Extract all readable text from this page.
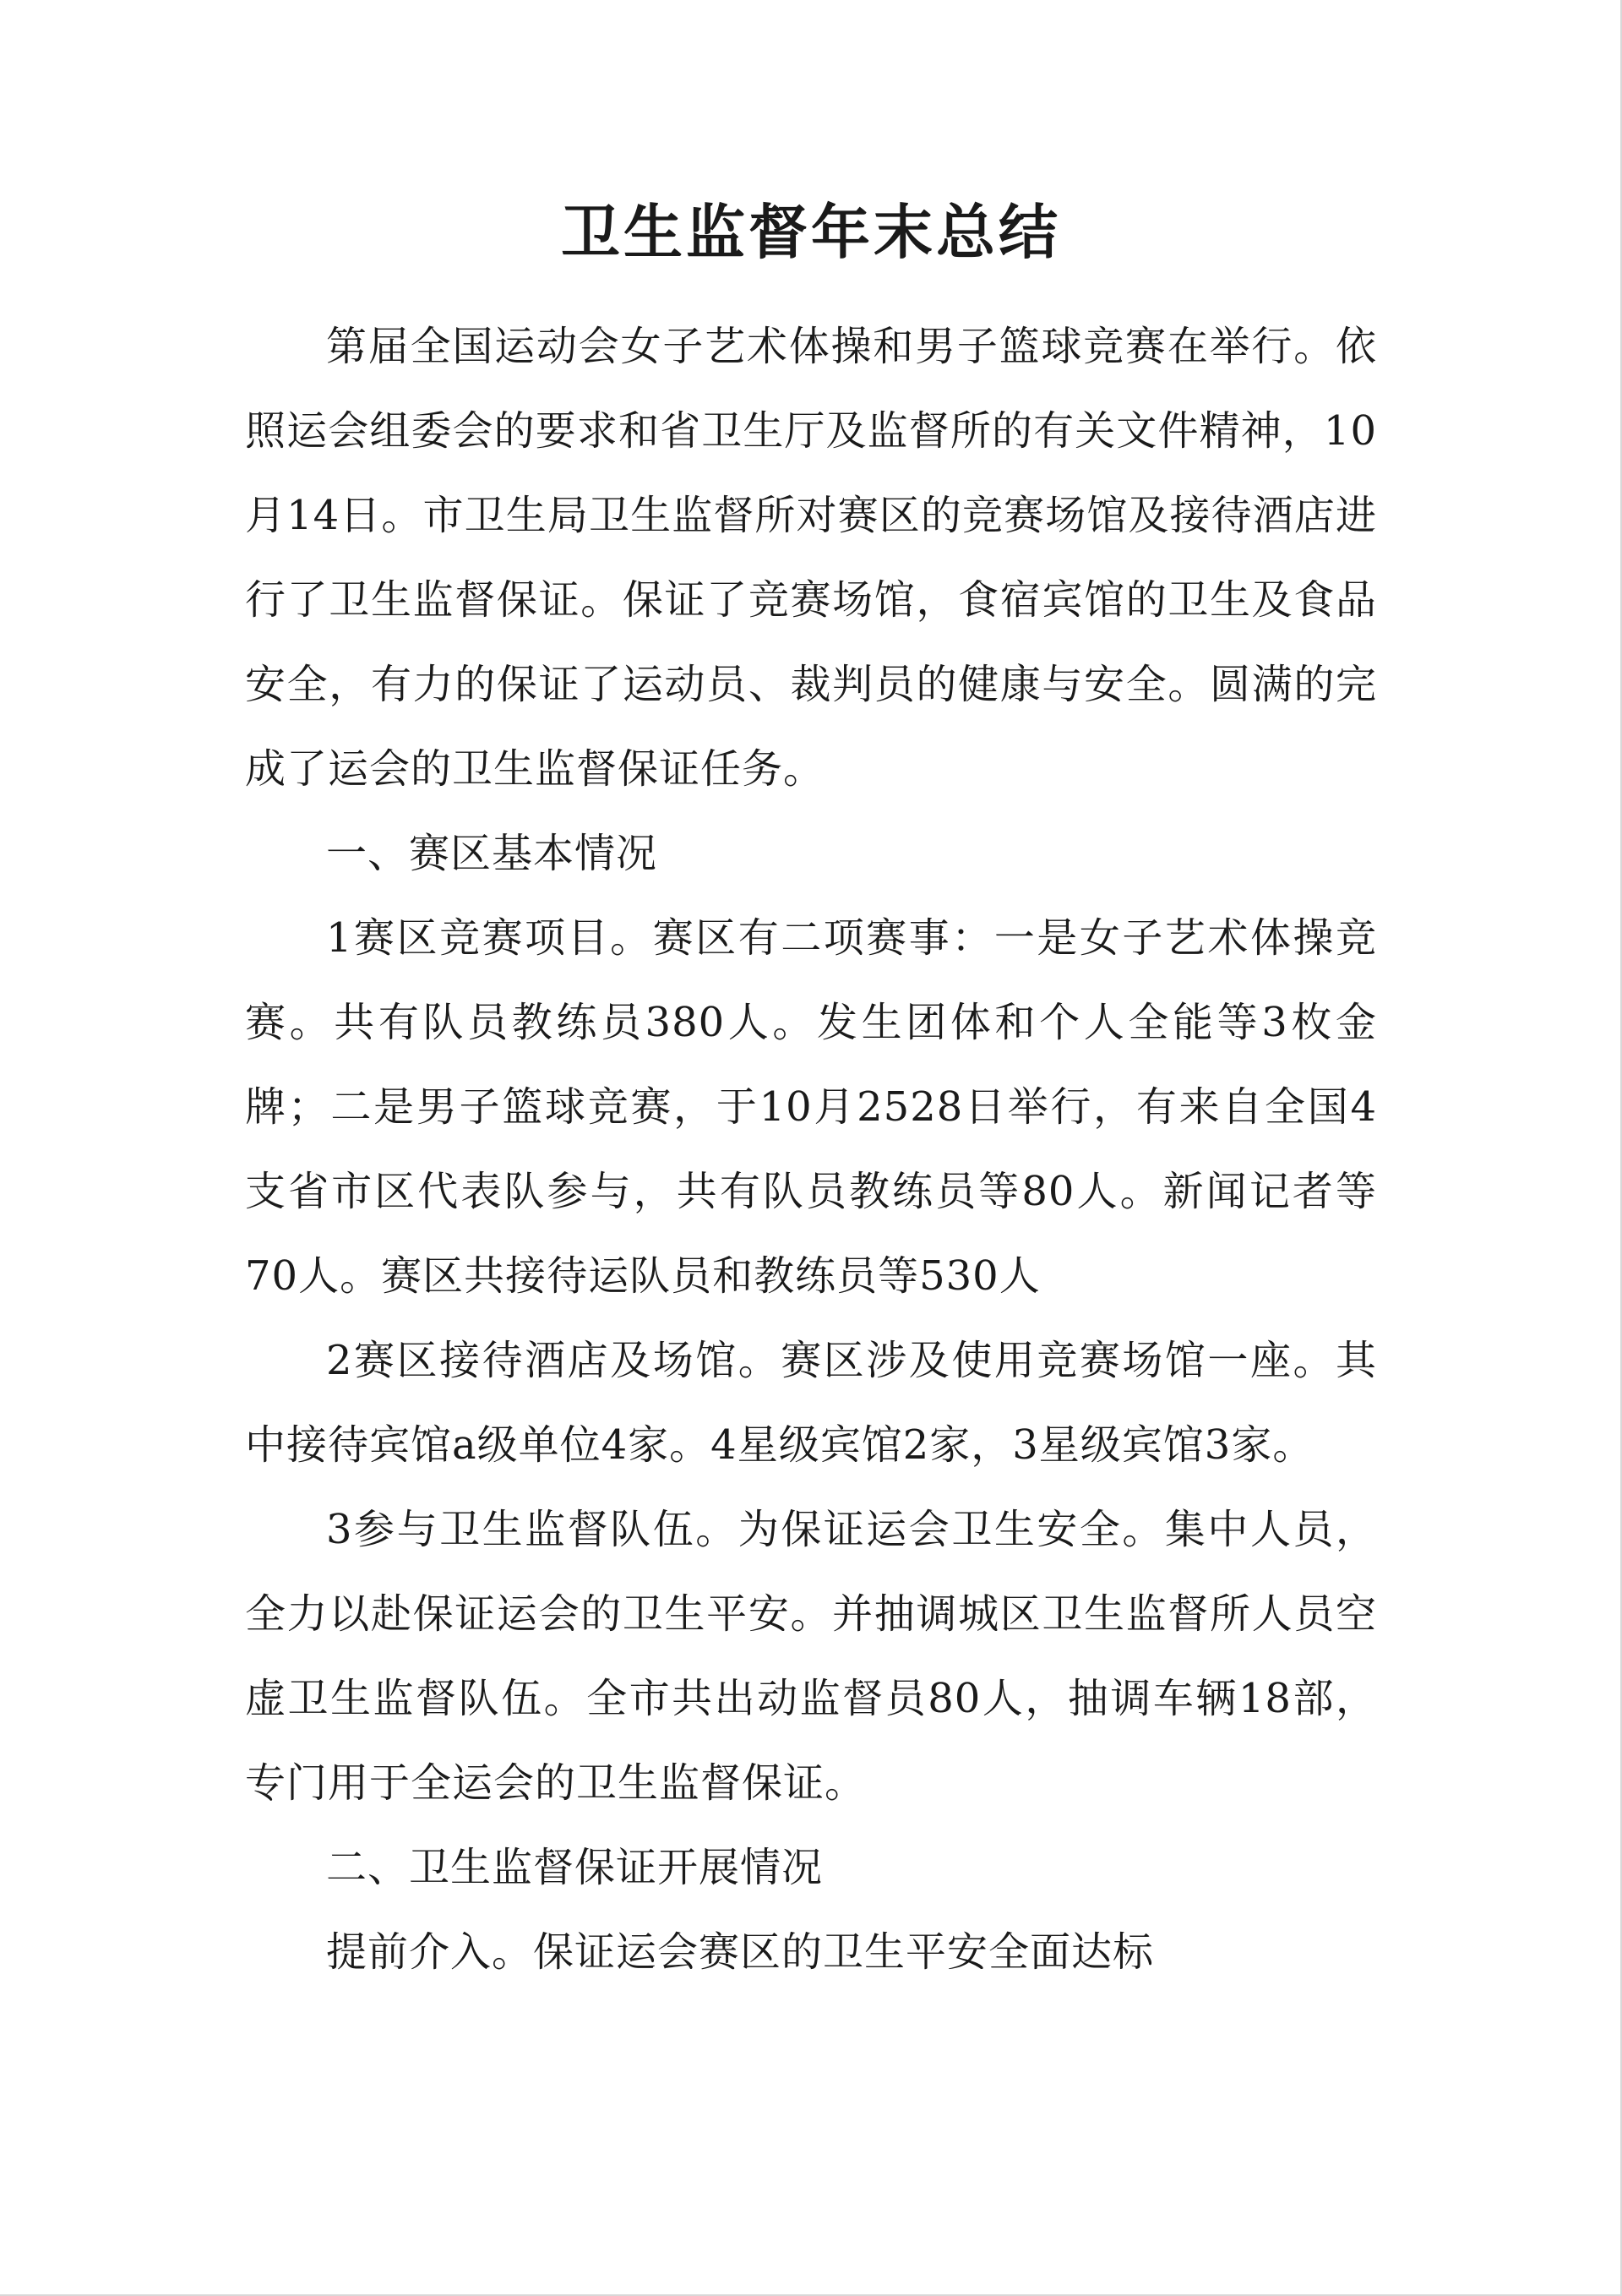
卫生监督年末总结

第届全国运动会女子艺术体操和男子篮球竞赛在举行。依照运会组委会的要求和省卫生厅及监督所的有关文件精神，10月14日。市卫生局卫生监督所对赛区的竞赛场馆及接待酒店进行了卫生监督保证。保证了竞赛场馆，食宿宾馆的卫生及食品安全，有力的保证了运动员、裁判员的健康与安全。圆满的完成了运会的卫生监督保证任务。

一、赛区基本情况

1赛区竞赛项目。赛区有二项赛事：一是女子艺术体操竞赛。共有队员教练员380人。发生团体和个人全能等3枚金牌；二是男子篮球竞赛，于10月2528日举行，有来自全国4支省市区代表队参与，共有队员教练员等80人。新闻记者等70人。赛区共接待运队员和教练员等530人

2赛区接待酒店及场馆。赛区涉及使用竞赛场馆一座。其中接待宾馆a级单位4家。4星级宾馆2家，3星级宾馆3家。

3参与卫生监督队伍。为保证运会卫生安全。集中人员，全力以赴保证运会的卫生平安。并抽调城区卫生监督所人员空虚卫生监督队伍。全市共出动监督员80人，抽调车辆18部，专门用于全运会的卫生监督保证。

二、卫生监督保证开展情况

提前介入。保证运会赛区的卫生平安全面达标
